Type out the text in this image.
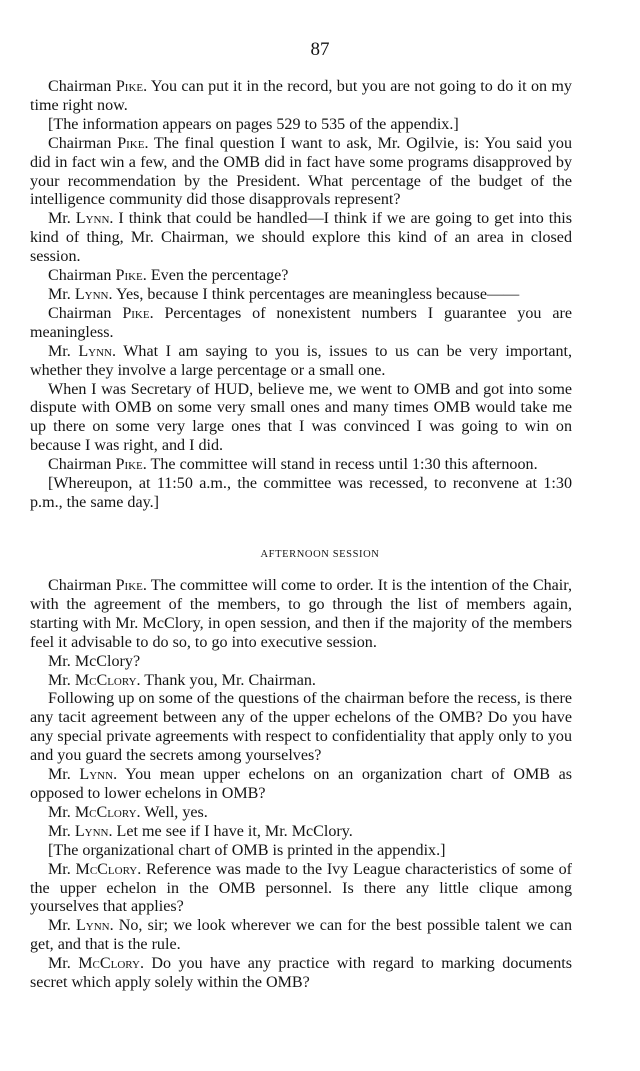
87

Chairman Pike. You can put it in the record, but you are not going to do it on my time right now.

[The information appears on pages 529 to 535 of the appendix.]

Chairman Pike. The final question I want to ask, Mr. Ogilvie, is: You said you did in fact win a few, and the OMB did in fact have some programs disapproved by your recommendation by the President. What percentage of the budget of the intelligence community did those disapprovals represent?

Mr. Lynn. I think that could be handled—I think if we are going to get into this kind of thing, Mr. Chairman, we should explore this kind of an area in closed session.

Chairman Pike. Even the percentage?

Mr. Lynn. Yes, because I think percentages are meaningless because——

Chairman Pike. Percentages of nonexistent numbers I guarantee you are meaningless.

Mr. Lynn. What I am saying to you is, issues to us can be very important, whether they involve a large percentage or a small one.

When I was Secretary of HUD, believe me, we went to OMB and got into some dispute with OMB on some very small ones and many times OMB would take me up there on some very large ones that I was convinced I was going to win on because I was right, and I did.

Chairman Pike. The committee will stand in recess until 1:30 this afternoon.

[Whereupon, at 11:50 a.m., the committee was recessed, to reconvene at 1:30 p.m., the same day.]

AFTERNOON SESSION

Chairman Pike. The committee will come to order. It is the intention of the Chair, with the agreement of the members, to go through the list of members again, starting with Mr. McClory, in open session, and then if the majority of the members feel it advisable to do so, to go into executive session.

Mr. McClory?

Mr. McClory. Thank you, Mr. Chairman.

Following up on some of the questions of the chairman before the recess, is there any tacit agreement between any of the upper echelons of the OMB? Do you have any special private agreements with respect to confidentiality that apply only to you and you guard the secrets among yourselves?

Mr. Lynn. You mean upper echelons on an organization chart of OMB as opposed to lower echelons in OMB?

Mr. McClory. Well, yes.

Mr. Lynn. Let me see if I have it, Mr. McClory.

[The organizational chart of OMB is printed in the appendix.]

Mr. McClory. Reference was made to the Ivy League characteristics of some of the upper echelon in the OMB personnel. Is there any little clique among yourselves that applies?

Mr. Lynn. No, sir; we look wherever we can for the best possible talent we can get, and that is the rule.

Mr. McClory. Do you have any practice with regard to marking documents secret which apply solely within the OMB?
